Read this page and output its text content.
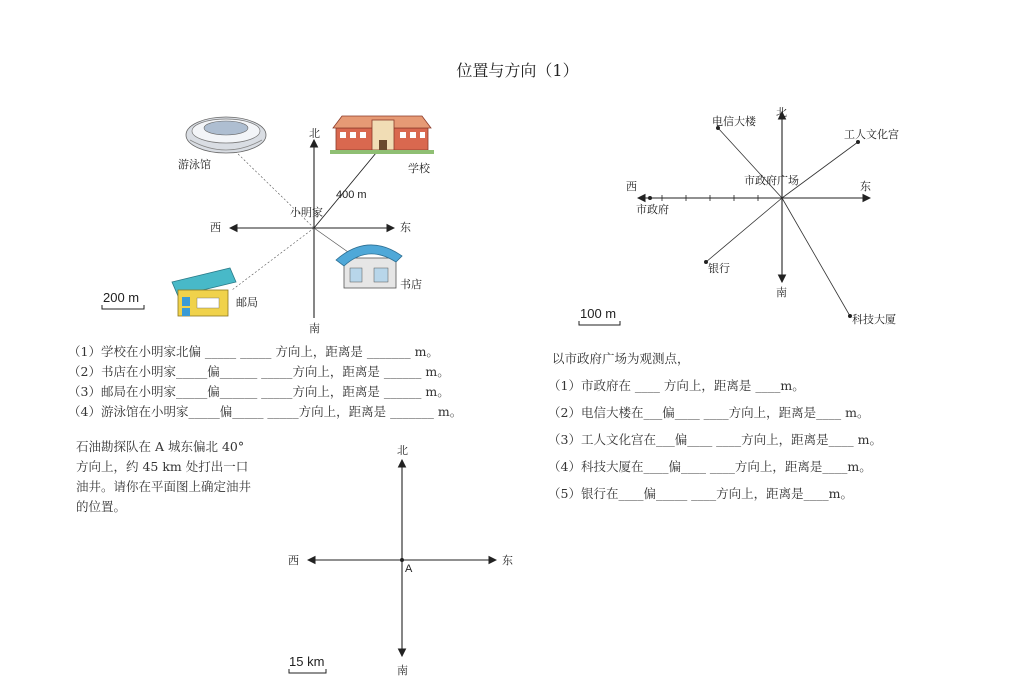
位置与方向（1）
北
南
东
西
小明家
学校
游泳馆
书店
邮局
400 m
200 m
北
南
东
西	市政府广场
市政府
电信大楼
工人文化宫
科技大厦
银行
100 m
北
南
东
西
A
15 km
（1）学校在小明家北偏 _____ _____ 方向上，距离是 _______ m。
（2）书店在小明家_____偏______ _____方向上，距离是 ______ m。
（3）邮局在小明家_____偏______ _____方向上，距离是 ______ m。
（4）游泳馆在小明家_____偏_____ _____方向上，距离是 _______ m。
以市政府广场为观测点，
（1）市政府在 ____ 方向上，距离是 ____m。
（2）电信大楼在___偏____ ____方向上，距离是____ m。
（3）工人文化宫在___偏____ ____方向上，距离是____ m。
（4）科技大厦在____偏____ ____方向上，距离是____m。
（5）银行在____偏_____ ____方向上，距离是____m。
石油勘探队在 A 城东偏北 40° 方向上，约 45 km 处打出一口油井。请你在平面图上确定油井的位置。
